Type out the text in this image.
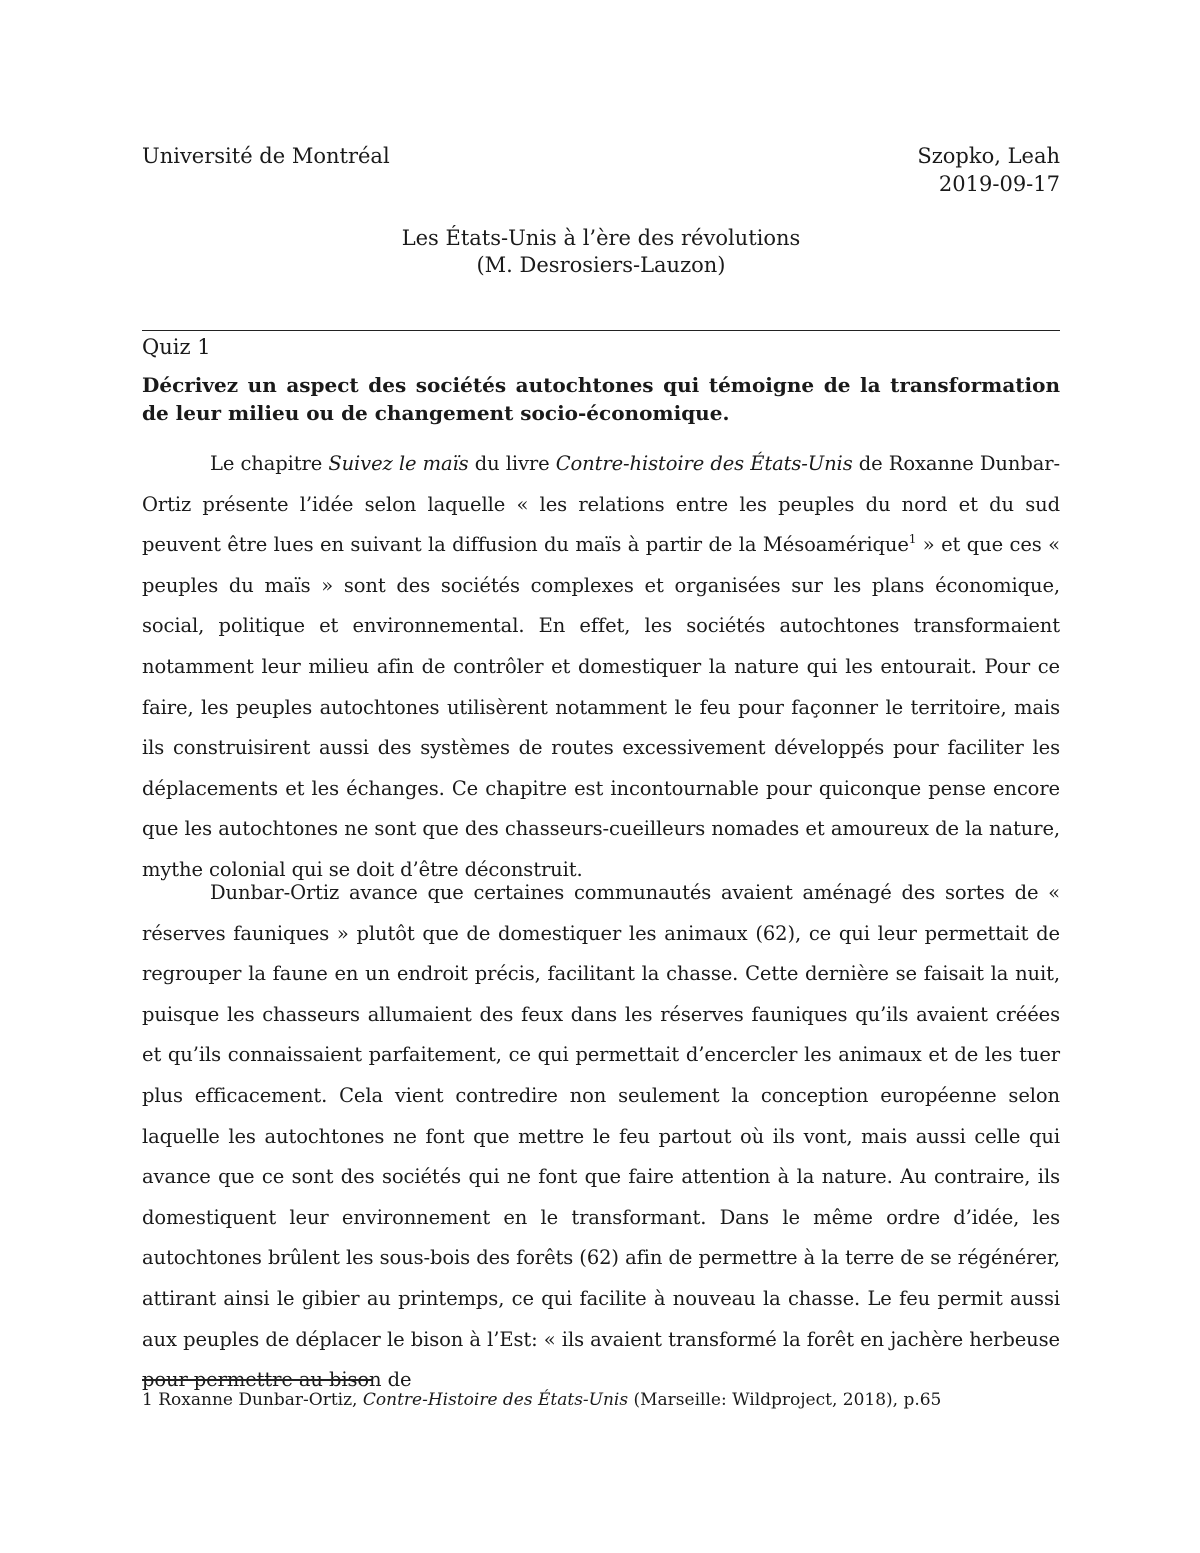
Université de Montréal	Szopko, Leah
2019-09-17
Les États-Unis à l’ère des révolutions
(M. Desrosiers-Lauzon)
Quiz 1
Décrivez un aspect des sociétés autochtones qui témoigne de la transformation de leur milieu ou de changement socio-économique.

Le chapitre Suivez le maïs du livre Contre-histoire des États-Unis de Roxanne Dunbar-Ortiz présente l’idée selon laquelle « les relations entre les peuples du nord et du sud peuvent être lues en suivant la diffusion du maïs à partir de la Mésoamérique$^1$ » et que ces « peuples du maïs » sont des sociétés complexes et organisées sur les plans économique, social, politique et environnemental. En effet, les sociétés autochtones transformaient notamment leur milieu afin de contrôler et domestiquer la nature qui les entourait. Pour ce faire, les peuples autochtones utilisèrent notamment le feu pour façonner le territoire, mais ils construisirent aussi des systèmes de routes excessivement développés pour faciliter les déplacements et les échanges. Ce chapitre est incontournable pour quiconque pense encore que les autochtones ne sont que des chasseurs-cueilleurs nomades et amoureux de la nature, mythe colonial qui se doit d’être déconstruit.

Dunbar-Ortiz avance que certaines communautés avaient aménagé des sortes de « réserves fauniques » plutôt que de domestiquer les animaux (62), ce qui leur permettait de regrouper la faune en un endroit précis, facilitant la chasse. Cette dernière se faisait la nuit, puisque les chasseurs allumaient des feux dans les réserves fauniques qu’ils avaient créées et qu’ils connaissaient parfaitement, ce qui permettait d’encercler les animaux et de les tuer plus efficacement. Cela vient contredire non seulement la conception européenne selon laquelle les autochtones ne font que mettre le feu partout où ils vont, mais aussi celle qui avance que ce sont des sociétés qui ne font que faire attention à la nature. Au contraire, ils domestiquent leur environnement en le transformant. Dans le même ordre d’idée, les autochtones brûlent les sous-bois des forêts (62) afin de permettre à la terre de se régénérer, attirant ainsi le gibier au printemps, ce qui facilite à nouveau la chasse. Le feu permit aussi aux peuples de déplacer le bison à l’Est: « ils avaient transformé la forêt en jachère herbeuse pour permettre au bison de

1 Roxanne Dunbar-Ortiz, Contre-Histoire des États-Unis (Marseille: Wildproject, 2018), p.65
